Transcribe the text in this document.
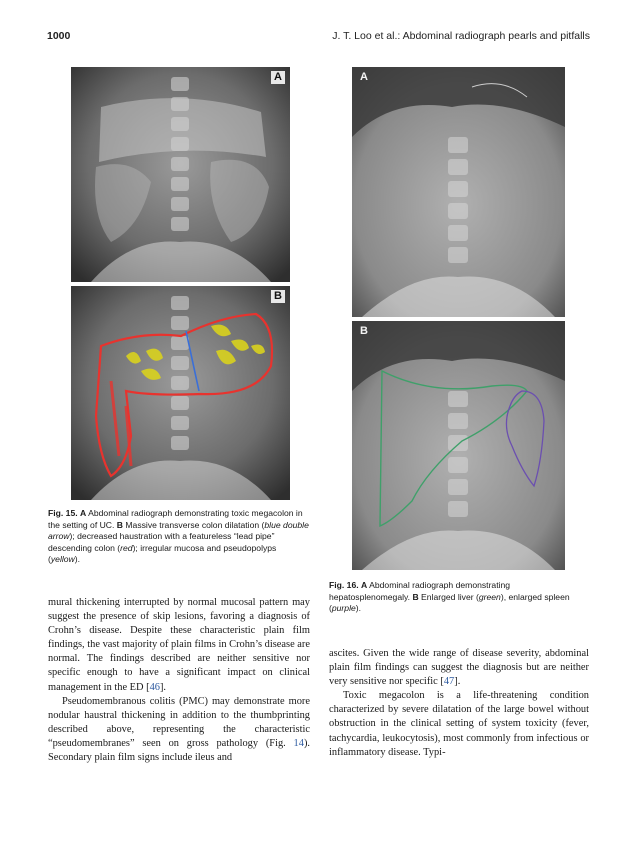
1000	J. T. Loo et al.: Abdominal radiograph pearls and pitfalls
A
B
Fig. 15. A Abdominal radiograph demonstrating toxic megacolon in the setting of UC. B Massive transverse colon dilatation (blue double arrow); decreased haustration with a featureless “lead pipe” descending colon (red); irregular mucosa and pseudopolyps (yellow).
A
B
Fig. 16. A Abdominal radiograph demonstrating hepatosplenomegaly. B Enlarged liver (green), enlarged spleen (purple).

mural thickening interrupted by normal mucosal pattern may suggest the presence of skip lesions, favoring a diagnosis of Crohn’s disease. Despite these characteristic plain film findings, the vast majority of plain films in Crohn’s disease are normal. The findings described are neither sensitive nor specific enough to have a significant impact on clinical management in the ED [46].

Pseudomembranous colitis (PMC) may demonstrate more nodular haustral thickening in addition to the thumbprinting described above, representing the characteristic “pseudomembranes” seen on gross pathology (Fig. 14). Secondary plain film signs include ileus and

ascites. Given the wide range of disease severity, abdominal plain film findings can suggest the diagnosis but are neither very sensitive nor specific [47].

Toxic megacolon is a life-threatening condition characterized by severe dilatation of the large bowel without obstruction in the clinical setting of system toxicity (fever, tachycardia, leukocytosis), most commonly from infectious or inflammatory disease. Typi-
